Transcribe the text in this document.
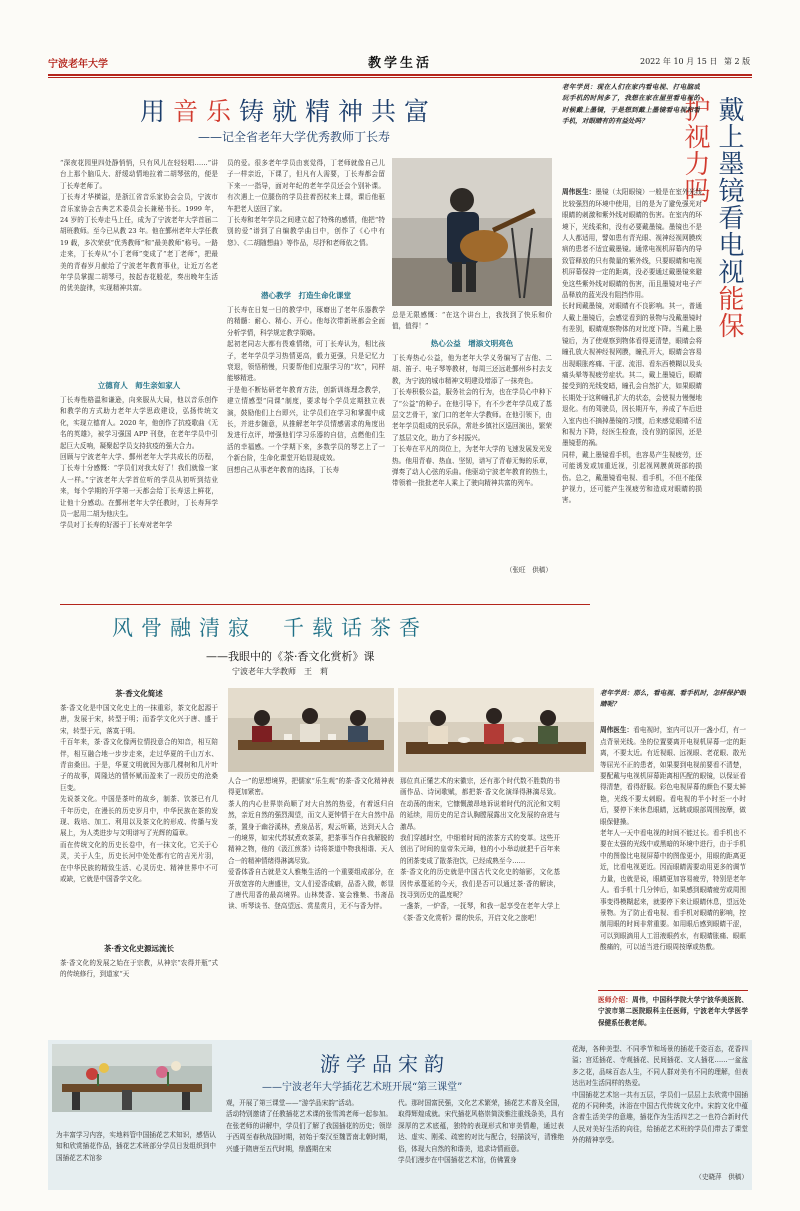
宁波老年大学	教学生活	2022 年 10 月 15 日 第 2 版
用音乐铸就精神共富
——记全省老年大学优秀教师丁长寿
“深夜花园里四处静悄悄，只有风儿在轻轻唱……”讲台上那个脑瓜大、舒缓动情地拉着二胡琴弦的，便是丁长寿老师了。
丁长寿才华横溢，是浙江省音乐家协会会员，宁波市音乐家协会古典艺术委员会长兼秘书长。1999 年，24 岁的丁长寿走马上任，成为了宁波老年大学首届二胡班教师。至今已从教 23 年。他在鄞州老年大学任教 19 载，多次荣获“优秀教师”和“最美教师”称号。一路走来，丁长寿从“小丁老师”变成了“老丁老师”，把最美的青春岁月献给了宁波老年教育事业，让近万名老年学员掌握二胡琴弓，按起杏花般花，奏出晚年生活的优美旋律，实现精神共富。
立德育人　师生亲如家人
丁长寿性格温和谦逊，向来服从大局，他以音乐创作和教学的方式助力老年大学思政建设，弘扬传统文化，实现立德育人。2020 年，他创作了抗疫歌曲《无名的英雄》，被学习强国 APP 刊登，在老年学员中引起巨大反响，凝聚起学员支持抗疫的强大合力。
回顾与宁波老年大学、鄞州老年大学共成长的历程，丁长寿十分感慨：“学员们对我太好了！我们就像一家人一样。”宁波老年大学首位听的学员从初听到结业来，每个学期的开学第一天都会给丁长寿送上鲜花，让他十分感动。在鄞州老年大学任教时，丁长寿拜学员一起用二胡为他庆生。
学员对丁长寿的好源于丁长寿对老年学
员的爱。很多老年学员由衷觉得，丁老师就像自己儿子一样亲近，下课了，但凡有人需要，丁长寿都会留下来一一指导，面对年纪的老年学员还会个别补课。有次遇上一位腿伤的学员拄着拐杖来上课，课后他驱车把老人送回了家。
丁长寿和老年学员之间建立起了特殊的感情，他把“特别的爱”谱到了自编教学曲目中，创作了《心中有您》、《二胡随想曲》等作品，尽抒和老师依之情。
潜心教学　打造生命化课堂
丁长寿在日复一日的教学中，琢磨出了老年乐器教学的精髓：耐心、精心、开心。他每次带新班都会全面分析学情，科学规定教学策略。
起初老同志大都有畏难情绪，可丁长寿认为，相比孩子，老年学员学习热情更高，毅力更强，只是记忆力衰退，领悟稍慢，只要帮他们克服学习的“坎”，同样能够精进。
于是他不断钻研老年教育方法，创新训练理念教学，建立情感型“同课”制度，要求每个学员定期独立表演，鼓励他们上台即兴，让学员们在学习和掌握中成长，并进步随意，从推解老年学员情感需求的角度出发进行点评，增强他们学习乐器的自信，点燃他们生活的幸福感。一个学期下来，多数学员的琴艺上了一个新台阶，生命化课堂开始显现成效。
回想自己从事老年教育的选择，丁长寿
总是无限感慨：“在这个讲台上，我找到了快乐和价值，值得！”
热心公益　增添文明亮色
丁长寿热心公益，他为老年大学义务编写了吉他、二胡、笛子、电子琴等教材，每周三还远赴鄞州乡村去支教，为宁波的城市精神文明建设增添了一抹亮色。
丁长寿积极公益，服务社会的行为，也在学员心中种下了“公益”的种子。在他引导下，有不少老年学员成了基层文艺骨干，家门口的老年大学教师。在他引领下，由老年学员组成的民乐队，常赴乡镇社区巡回演出，繁荣了基层文化，助力了乡村振兴。
丁长寿在平凡的岗位上，为老年大学的飞速发展发光发热。他用青春、热血、坚韧，谱写了青春无悔的乐章，弹奏了动人心弦的乐曲。他驱动宁波老年教育的热土，带领着一批批老年人乘上了驶向精神共富的列车。
（张旺　供稿）
戴上墨镜看电视能保护视力吗
老年学员：现在人们在家内看电视、打电脑或玩手机的时间多了，我想在家在屋里看电视的时候戴上墨镜，于是想到戴上墨镜看电视和看手机，对眼睛有的有益处吗？

周伟医生：墨镜（太阳眼镜）一般是在室外光线比较强烈的环境中使用，目的是为了避免强光对眼睛的刺激和紫外线对眼睛的伤害。在室内的环境下，光线柔和，没有必要戴墨镜。墨镜也不是人人都适用，譬如患有青光眼、视神经视网膜疾病的患者不适宜戴墨镜。通常电视机屏幕内的导致管释放的只有微量的紫外线，只要眼睛和电视机屏幕保持一定的距离，没必要通过戴墨镜来避免这些紫外线对眼睛的伤害，而且墨镜对电子产品释放的蓝光没有阻挡作用。
长时间戴墨镜，对眼睛有不良影响。其一，普通人戴上墨镜后，会感觉看到的景物与没戴墨镜时有差别，眼睛观察物体的对比度下降。当戴上墨镜后，为了使观察到物体看得更清楚，眼睛会将瞳孔放大视神经视网膜，瞳孔开大，眼睛会容易出现眼胀疼痛、干涩、流泪、看东西模糊以及头痛头晕等视疲劳症状。其二，戴上墨镜后，眼睛接受到的光线变暗，瞳孔会自然扩大，如果眼睛长期处于这种瞳孔扩大的状态，会使视力慢慢地退化。有的驾驶员，因长期开车，养成了车后进入室内也不摘掉墨镜的习惯，后来感觉眼睛不适和视力下降，经医生检查，没有别的原因，还是墨镜惹的祸。
同样，戴上墨镜看手机，也容易产生视疲劳，还可能诱发或加重近视，引起视网膜黄斑部的损伤。总之，戴墨镜看电视、看手机，不但不能保护视力，还可能产生视疲劳和造成对眼睛的损害。

老年学员：那么，看电视、看手机时，怎样保护眼睛呢？

周伟医生：看电视时，室内可以开一盏小灯，有一点背景光线。坐的位置要离开电视机屏幕一定的距离，不要太近。有近视眼、远视眼、老花眼、散光等屈光不正的患者，如果要到电视前要看不清楚，要配戴与电视机屏幕距离相匹配的眼镜，以保证看得清楚，看得舒服。彩色电视屏幕的颜色不要太鲜艳，光线不要太刺眼。看电视的半小时至一小时后，要停下来休息眼睛，远眺或眼部周围按摩，做眼保健操。
老年人一天中看电视的时间不能过长。看手机也不要在太强的光线中或黑暗的环境中进行，由于手机中的图像比电视屏幕中的图像更小，用眼的距离更近，比看电视更近。因而眼睛需要动用更多的调节力量，也就是说，眼睛更加容易疲劳，特别是老年人。看手机十几分钟后，如果感到眼睛疲劳或周围事变得模糊起来，就要停下来让眼睛休息，望远处景物。为了防止看电视、看手机对眼睛的影响，控制用眼的时间非常重要。如用眼后感到眼睛干涩，可以到眼滴用人工泪液眼药水，有眼睛胀痛、眼眶酸痛的，可以适当进行眼周按摩或热敷。

医师介绍：周伟，中国科学院大学宁波华美医院、宁波市第二医院眼科主任医师，宁波老年大学医学保健系任教老师。
风骨融清寂 千载话茶香
——我眼中的《茶·香文化赏析》课
宁波老年大学教师　王　莉
茶·香文化简述
茶·香文化是中国文化史上的一抹重彩，茶文化起源于唐，发展于宋，转型于明；而香学文化兴于唐、盛于宋，转型于元，落寞于明。
千百年来，茶·香文化像两位情投意合的知音，相互陪伴，相互融合地一步步走来，走过华夏的千山万水、青亩桑田。于是，华夏文明就因为那几棵树和几片叶子的故事，周隆达的情怀赋而盈来了一段历史的沧桑巨变。
先说茶文化。中国是茶叶的故乡，制茶、饮茶已有几千年历史，在漫长的历史岁月中，中华民族在茶的发现、栽培、加工、利用以及茶文化的形成、传播与发展上，为人类进步与文明谱写了光辉的篇章。
而在传统文化的历史长卷中，有一抹文化，它关于心灵，关于人生，历史长河中处处都有它的吉光片羽，在中华民族的精致生活、心灵历史、精神世界中不可或缺，它就是中国香学文化。
茶·香文化史源远流长
茶·香文化的发展之始在于宗教，从神宗“农得并瓶”式的传统修行，到道家“天
人合一”的思想境界，把儒家“乐生观”的茶·香文化精神表得更加紧密。
茶人的内心世界崇尚顺了对大自然的热爱，有着返归自然，亲近自然的强烈渴望，而文人更钟情于在大自然中品茶，置身于幽谷溪林，煮泉品茗，观云听籁，达到天人合一的境界，如宋代苏轼煮欢茶菜，把茶事当作自我解脱的精神之物，他的《汲江煎茶》诗将茶道中物我相谐、天人合一的精神情绪得淋漓尽致。
爱香体香自古就是文人雅集生活的一个重要组成部分，在开放宽容的大唐盛世，文人们爱香成癖，品香入微，彰显了唐代用香的最高境界。山林焚香、宴会雅集、书斋品读、听琴谈书、登高望远、赏星赏月，无不与香为伴。
那位真正懂艺术的宋徽宗，还有那个时代数不胜数的书画作品、诗词歌赋，都把茶·香文化演绎得淋漓尽致。在动荡的南宋，它慷慨激昂地诉说着时代的沉沦和文明的延续，用历史的足音认胸膛展露出文化发展的奋进与激昂。
我们穿越时空，中细着时间的浓茶方式的变革。这些开创出了时间的皇帝朱元璋，他的小小举动就把千百年来的团茶变成了散茶泡饮，已经成熟至今……
茶·香文化的历史就是中国古代文化史的缩影，文化基因传承蔓延的今天，我们是否可以通过茶·香的解读，找寻到历史的温度呢？
一盏茶，一炉香，一抚琴，和我一起享受在老年大学上《茶·香文化赏析》课的快乐，开启文化之旅吧！
游学品宋韵
——宁波老年大学插花艺术班开展“第三课堂”
为丰富学习内容，实地料管中国插花艺术知识，感悟认知和欣赏插花作品，插花艺术班部分学员日发组织到中国插花艺术馆参
观，开展了第三课堂——“游学品宋韵”活动。
活动特别邀请了任教插花艺术课的张雪鸿老师一起参加。在张老师的讲解中，学员们了解了我国插花的历史；领岸于西周至春秋战国时期，初始于秦汉至魏晋南北朝时期，兴盛于隋唐至五代时期，鼎盛期在宋
代。那时国富民强，文化艺术繁荣，插花艺术普及全国，取得辉煌成就。宋代插花风格崇简淡雅注重线条美，具有深厚的艺术底蕴，独特的表现形式和审美情趣，通过表达、虚实、刚柔、疏密的对比与配合，轻描淡写，清雅绝俗，体现大自然的和谐美，追求诗情画意。
学员们漫步在中国插花艺术馆，仿佛置身
花海，各种美型、不同季节和场景的插花千姿百态，花香四溢；宫廷插花、寺观插花、民间插花、文人插花……一盆盆多之花，品味百态人生，不同人群对美有不同的理解，但表达出对生活同样的热爱。
中国插花艺术馆一共有五层，学员们一层层上去欣赏中国插花的不同种类，沐浴在中国古代传统文化中。宋韵文化中蕴含着生活美学的意趣，插花作为生活四艺之一也符合新时代人民对美好生活的向往，给插花艺术班的学员们带去了课堂外的精神享受。
（史晓萍　供稿）
